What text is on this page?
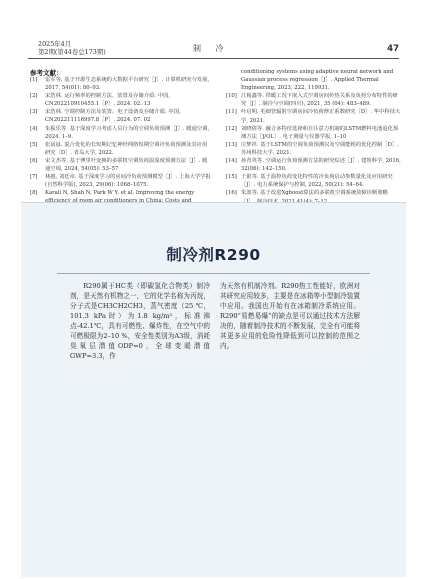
2025年4月
第2期(第44卷总173期)	制 冷	47
参考文献：
[1]	雷军等. 基于开源生态系统的大数据平台研究［J］. 计算机研究与发展, 2017, 54(01): 80–93.
[2]	宋浩林. 运行频率的控制方法、装置及存储介质: 中国, CN202210910455.1［P］. 2024. 02. 13
[3]	宋浩林. 空调控制方法及装置、电子设备及存储介质: 中国, CN202211116997.8［P］. 2024. 07. 02
[4]	朱振乐等. 基于深度学习考虑人员行为的空调负荷预测［J］. 暖通空调, 2024, 1–9.
[5]	张晨晨. 混合优化的长短期记忆神经网络短期空调冷负荷预测及其应用研究［D］. 青岛大学, 2022.
[6]	宋文杰等. 基于傅里叶变换的多联机空调负荷温湿度预测方法［J］. 暖通空调, 2024, 54(05): 53–57
[7]	林越, 刘廷章. 基于深度学习的房间冷负荷预测模型［J］. 上海大学学报(自然科学版), 2023, 29(06): 1068–1075.
[8]	Karali N, Shah N, Park W Y, et al. Improving the energy
conditioning systems using adaptive neural network and Gaussian process regression［J］. Applied Thermal Engineering, 2023, 222, 119931.
[10] 江箱鑫等. 供暖工况下嵌入式空调房间传热关系及负荷分布特性的研究［J］. 制冷与空调(四川), 2021, 35 (04): 483–489.
[11] 叶启明. 毛细管辐射空调房间冷负荷修正系数研究［D］. 华中科技大学, 2021.
[12] 刘晓倩等. 融合多特征选择和自注意力机制的LSTM燃料电池退化预测方法［J/OL］. 电子测量与仪器学报, 1–10
[13] 庄梦祥. 基于LSTM的空调负荷预测以及空调能耗的优化控制［D］. 苏州科技大学, 2021.
[14] 孙青英等. 空调运行负荷预测方法的研究综述［J］. 建筑科学, 2016, 32(06): 142–150.
[15] 王银等. 基于温控负荷变化特性的冷负荷启动参数量化及应用研究［J］. 电力系统保护与控制, 2022, 50(21): 54–64.
[16] 朱波等. 基于改进Xgboost算法的多联机空调系统故障诊断策略
制冷剂R290

R290属于HC类（即碳氢化合物类）制冷剂，是天然有机物之一，它的化学名称为丙烷，分子式是CH3CH2CH3，蒸气密度（25 ℃，101.3 kPa时）为1.8 kg/m³，标准沸点-42.1℃，具有可燃性、爆炸性，在空气中的可燃极限为2–10 %，安全性类别为A3级，消耗臭氧层潜值ODP=0，全球变暖潜值GWP=3.3，作

为天然有机制冷剂。R290热工性能好，欧洲对其研究应用较多，主要是在冰箱等小型制冷装置中应用。我国也开始有在冰箱制冷系统应用。R290“易燃易爆”的缺点是可以通过技术方法解决的，随着制冷技术的不断发展，完全有可能将其更多应用的危险性降低到可以控制的范围之内。
